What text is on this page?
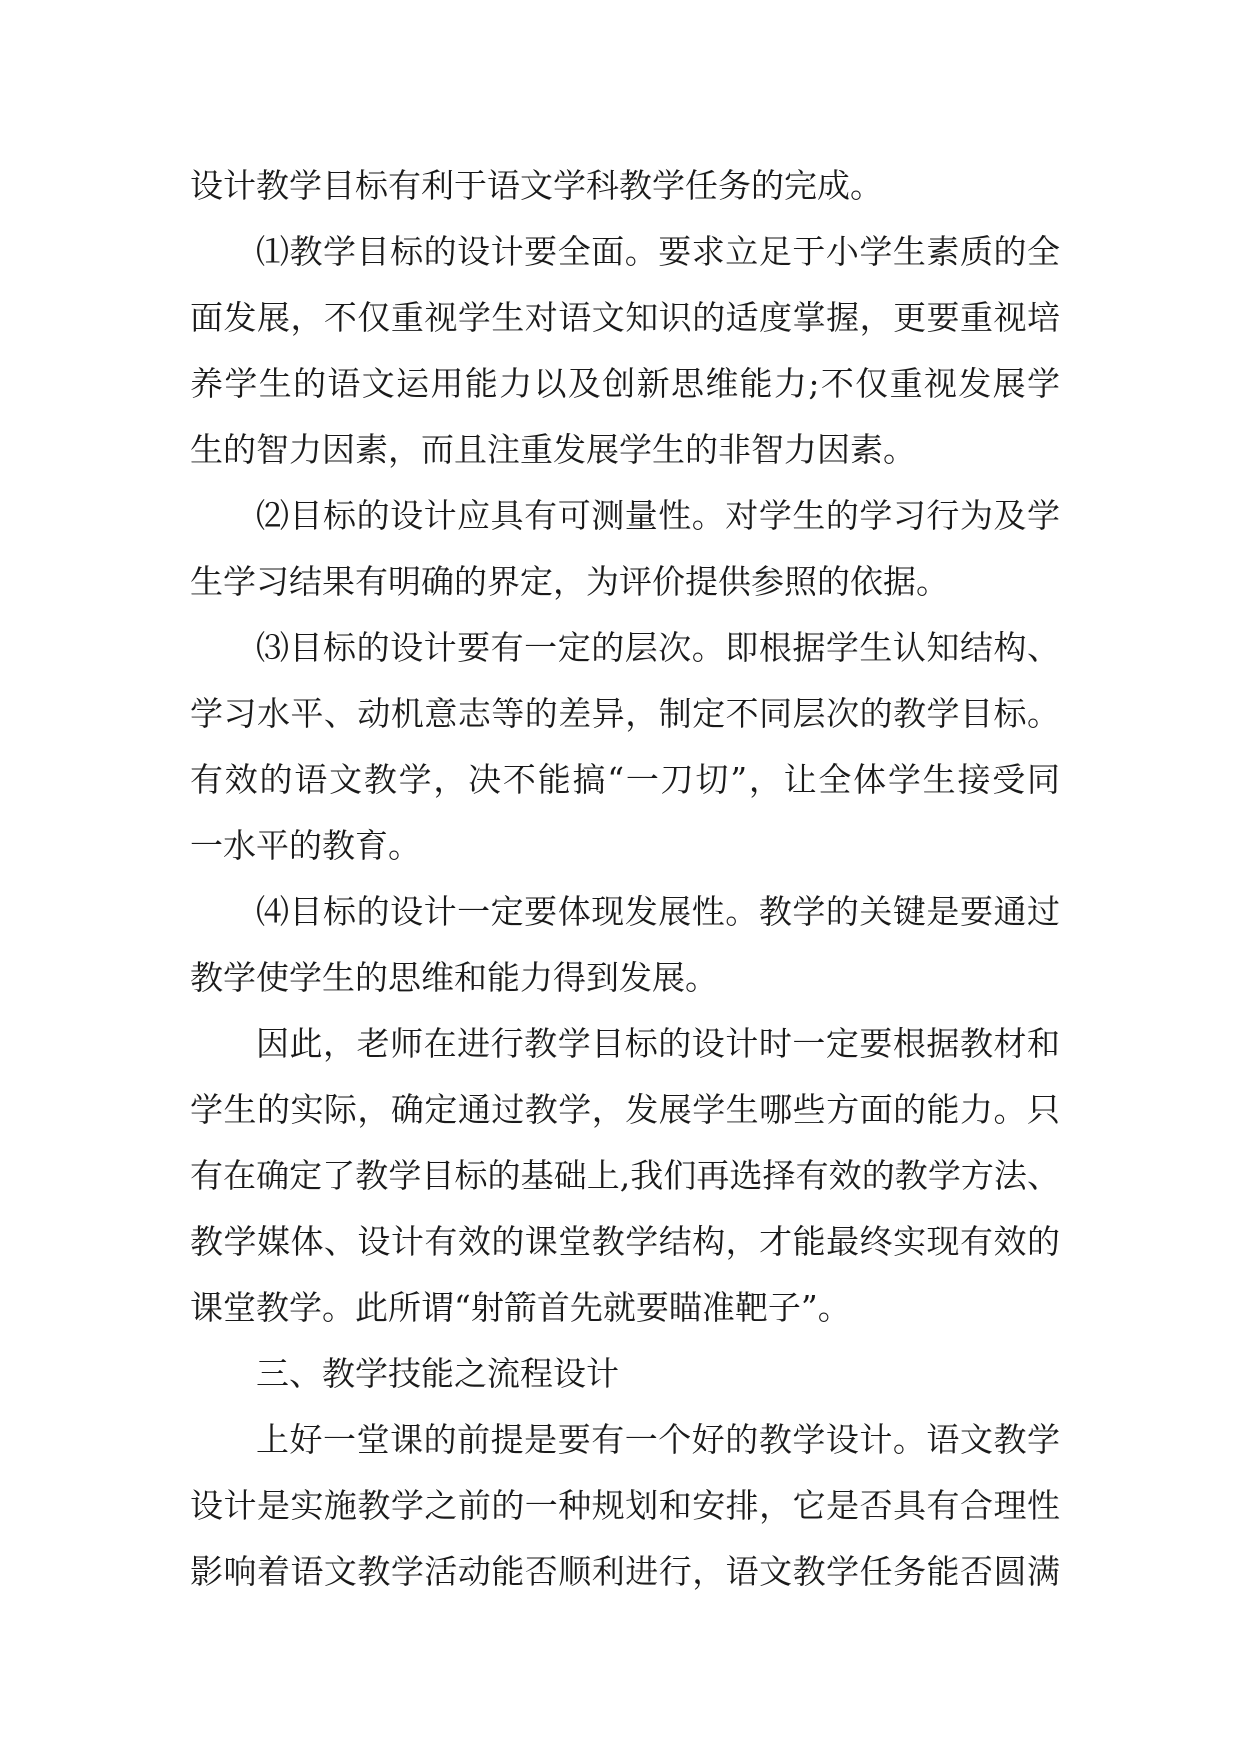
设计教学目标有利于语文学科教学任务的完成。

⑴教学目标的设计要全面。要求立足于小学生素质的全

面发展，不仅重视学生对语文知识的适度掌握，更要重视培

养学生的语文运用能力以及创新思维能力;不仅重视发展学

生的智力因素，而且注重发展学生的非智力因素。

⑵目标的设计应具有可测量性。对学生的学习行为及学

生学习结果有明确的界定，为评价提供参照的依据。

⑶目标的设计要有一定的层次。即根据学生认知结构、

学习水平、动机意志等的差异，制定不同层次的教学目标。

有效的语文教学，决不能搞“一刀切”，让全体学生接受同

一水平的教育。

⑷目标的设计一定要体现发展性。教学的关键是要通过

教学使学生的思维和能力得到发展。

因此，老师在进行教学目标的设计时一定要根据教材和

学生的实际，确定通过教学，发展学生哪些方面的能力。只

有在确定了教学目标的基础上,我们再选择有效的教学方法、

教学媒体、设计有效的课堂教学结构，才能最终实现有效的

课堂教学。此所谓“射箭首先就要瞄准靶子”。

三、教学技能之流程设计

上好一堂课的前提是要有一个好的教学设计。语文教学

设计是实施教学之前的一种规划和安排，它是否具有合理性

影响着语文教学活动能否顺利进行，语文教学任务能否圆满
